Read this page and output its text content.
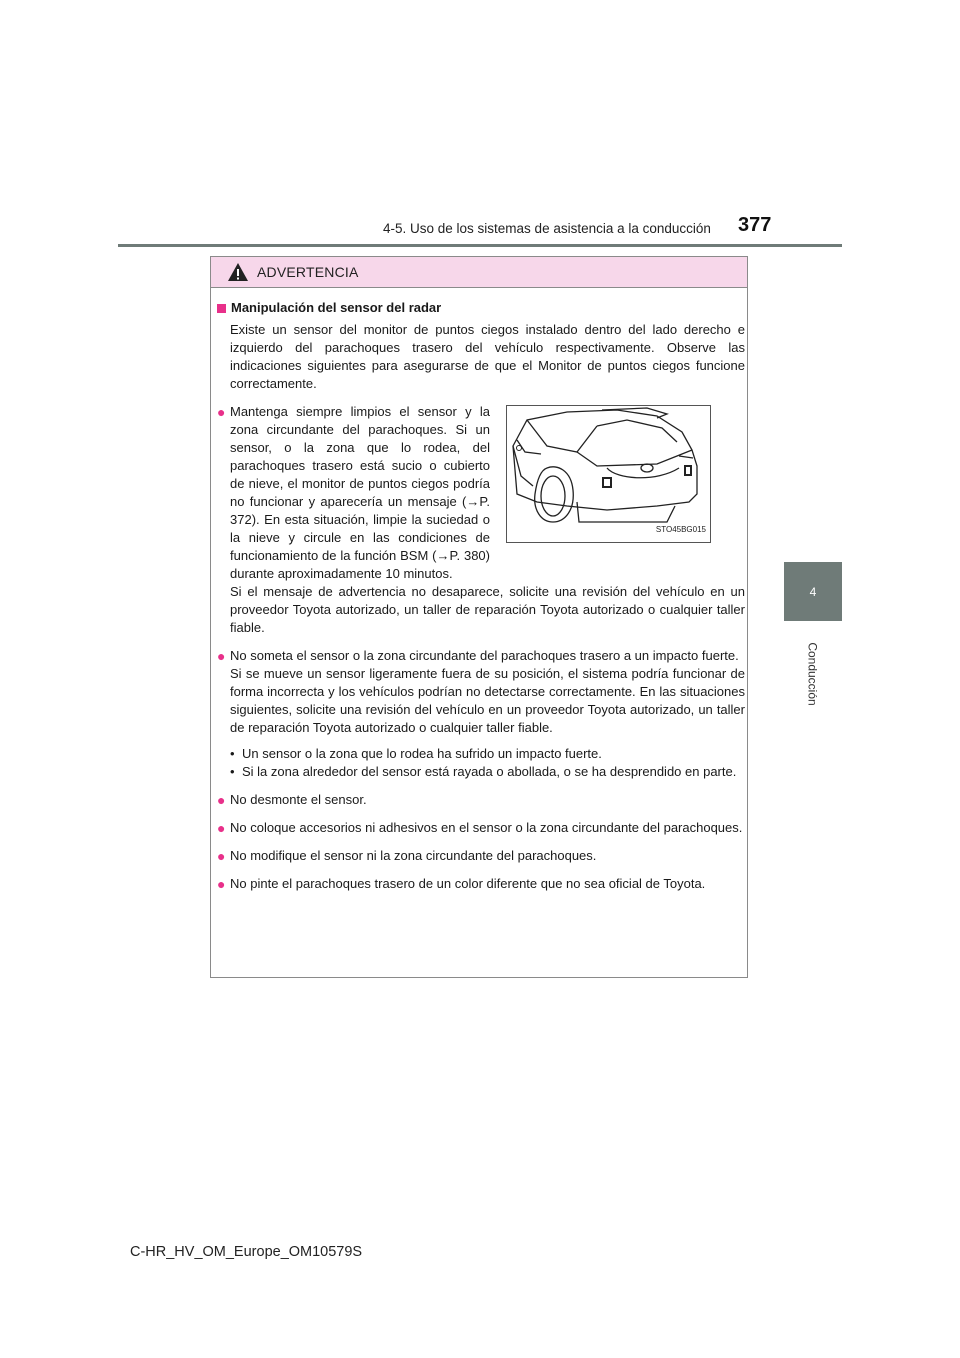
4-5. Uso de los sistemas de asistencia a la conducción 377
4
Conducción
ADVERTENCIA
Manipulación del sensor del radar
Existe un sensor del monitor de puntos ciegos instalado dentro del lado derecho e izquierdo del parachoques trasero del vehículo respectivamente. Observe las indicaciones siguientes para asegurarse de que el Monitor de puntos ciegos funcione correctamente.
● Mantenga siempre limpios el sensor y la zona circundante del parachoques. Si un sensor, o la zona que lo rodea, del parachoques trasero está sucio o cubierto de nieve, el monitor de puntos ciegos podría no funcionar y aparecería un mensaje (→P. 372). En esta situación, limpie la suciedad o la nieve y circule en las condiciones de funcionamiento de la función BSM (→P. 380) durante aproximadamente 10 minutos.
STO45BG015
Si el mensaje de advertencia no desaparece, solicite una revisión del vehículo en un proveedor Toyota autorizado, un taller de reparación Toyota autorizado o cualquier taller fiable.
● No someta el sensor o la zona circundante del parachoques trasero a un impacto fuerte.
Si se mueve un sensor ligeramente fuera de su posición, el sistema podría funcionar de forma incorrecta y los vehículos podrían no detectarse correctamente. En las situaciones siguientes, solicite una revisión del vehículo en un proveedor Toyota autorizado, un taller de reparación Toyota autorizado o cualquier taller fiable.
• Un sensor o la zona que lo rodea ha sufrido un impacto fuerte.
• Si la zona alrededor del sensor está rayada o abollada, o se ha desprendido en parte.
● No desmonte el sensor.
● No coloque accesorios ni adhesivos en el sensor o la zona circundante del parachoques.
● No modifique el sensor ni la zona circundante del parachoques.
● No pinte el parachoques trasero de un color diferente que no sea oficial de Toyota.
C-HR_HV_OM_Europe_OM10579S
